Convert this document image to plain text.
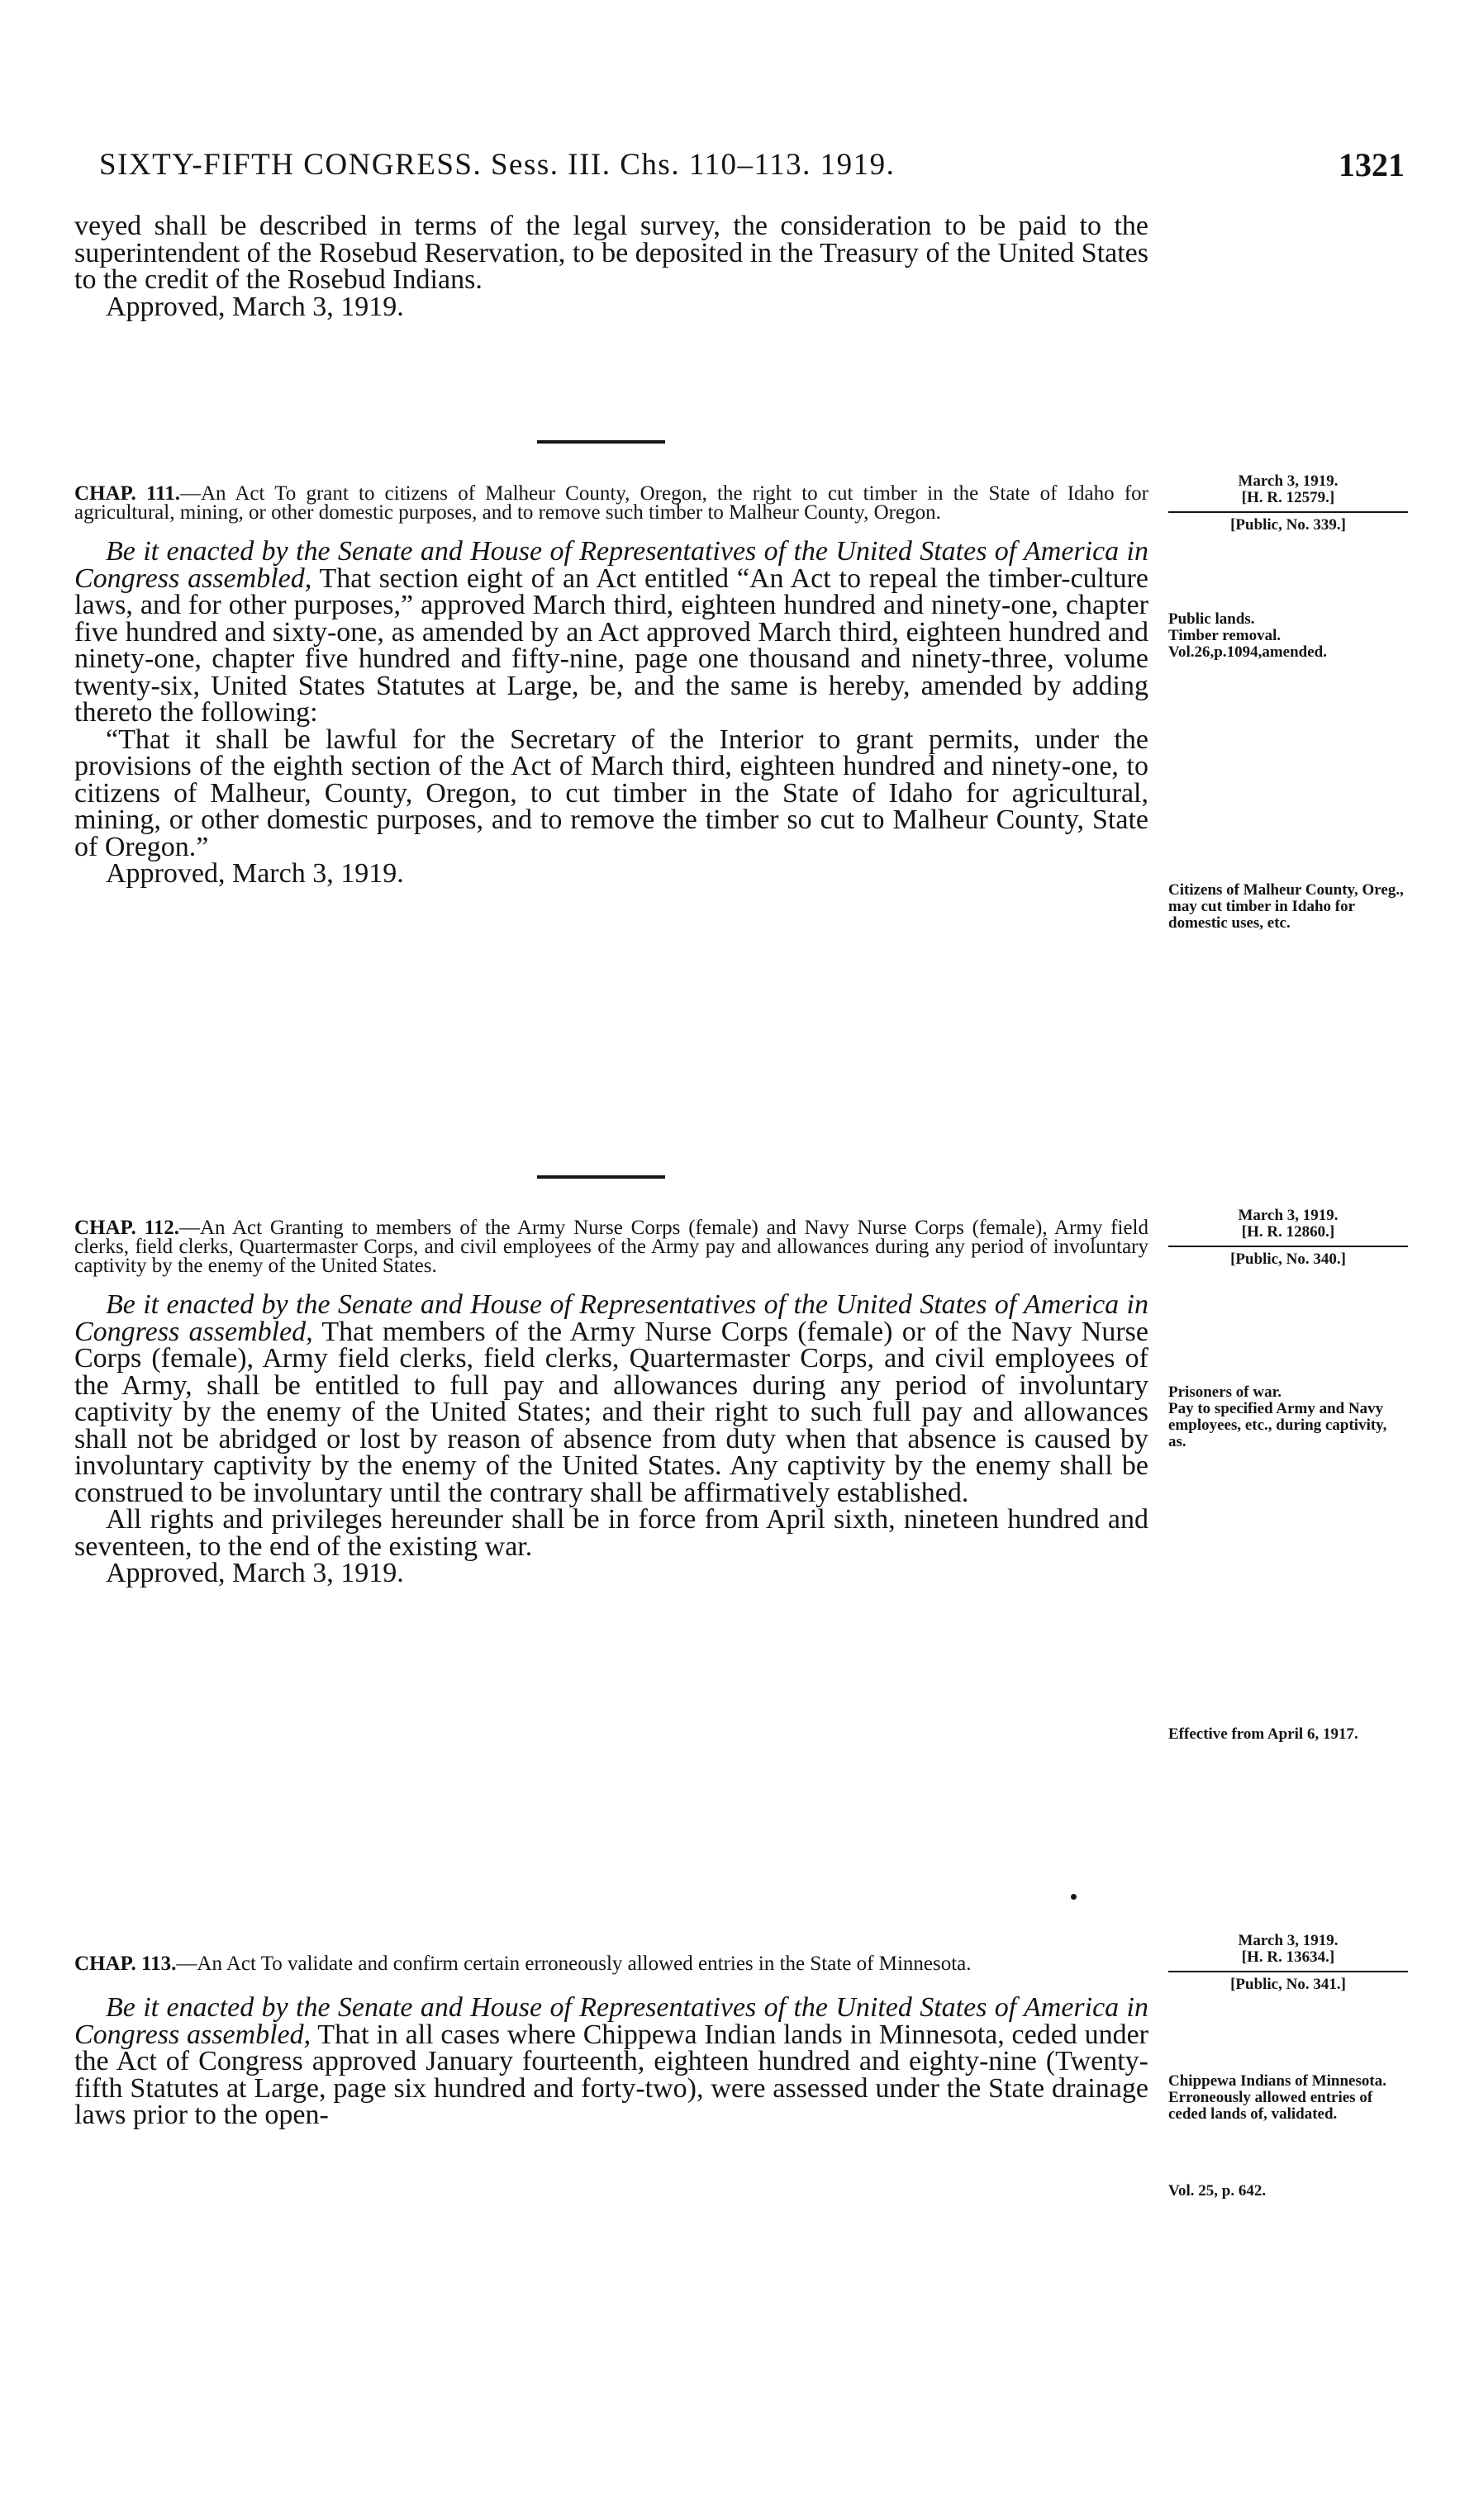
SIXTY-FIFTH CONGRESS. Sess. III. Chs. 110–113. 1919.	1321

veyed shall be described in terms of the legal survey, the consideration to be paid to the superintendent of the Rosebud Reservation, to be deposited in the Treasury of the United States to the credit of the Rosebud Indians.

Approved, March 3, 1919.

March 3, 1919.
[H. R. 12579.]
[Public, No. 339.]

CHAP. 111.—An Act To grant to citizens of Malheur County, Oregon, the right to cut timber in the State of Idaho for agricultural, mining, or other domestic purposes, and to remove such timber to Malheur County, Oregon.

Be it enacted by the Senate and House of Representatives of the United States of America in Congress assembled, That section eight of an Act entitled “An Act to repeal the timber-culture laws, and for other purposes,” approved March third, eighteen hundred and ninety-one, chapter five hundred and sixty-one, as amended by an Act approved March third, eighteen hundred and ninety-one, chapter five hundred and fifty-nine, page one thousand and ninety-three, volume twenty-six, United States Statutes at Large, be, and the same is hereby, amended by adding thereto the following:

“That it shall be lawful for the Secretary of the Interior to grant permits, under the provisions of the eighth section of the Act of March third, eighteen hundred and ninety-one, to citizens of Malheur, County, Oregon, to cut timber in the State of Idaho for agricultural, mining, or other domestic purposes, and to remove the timber so cut to Malheur County, State of Oregon.”

Approved, March 3, 1919.

Public lands.
Timber removal.
Vol.26,p.1094,amended.
Citizens of Malheur County, Oreg., may cut timber in Idaho for domestic uses, etc.
March 3, 1919.
[H. R. 12860.]
[Public, No. 340.]

CHAP. 112.—An Act Granting to members of the Army Nurse Corps (female) and Navy Nurse Corps (female), Army field clerks, field clerks, Quartermaster Corps, and civil employees of the Army pay and allowances during any period of involuntary captivity by the enemy of the United States.

Be it enacted by the Senate and House of Representatives of the United States of America in Congress assembled, That members of the Army Nurse Corps (female) or of the Navy Nurse Corps (female), Army field clerks, field clerks, Quartermaster Corps, and civil employees of the Army, shall be entitled to full pay and allowances during any period of involuntary captivity by the enemy of the United States; and their right to such full pay and allowances shall not be abridged or lost by reason of absence from duty when that absence is caused by involuntary captivity by the enemy of the United States. Any captivity by the enemy shall be construed to be involuntary until the contrary shall be affirmatively established.

All rights and privileges hereunder shall be in force from April sixth, nineteen hundred and seventeen, to the end of the existing war.

Approved, March 3, 1919.

Prisoners of war.
Pay to specified Army and Navy employees, etc., during captivity, as.
Effective from April 6, 1917.
March 3, 1919.
[H. R. 13634.]
[Public, No. 341.]

CHAP. 113.—An Act To validate and confirm certain erroneously allowed entries in the State of Minnesota.

Be it enacted by the Senate and House of Representatives of the United States of America in Congress assembled, That in all cases where Chippewa Indian lands in Minnesota, ceded under the Act of Congress approved January fourteenth, eighteen hundred and eighty-nine (Twenty-fifth Statutes at Large, page six hundred and forty-two), were assessed under the State drainage laws prior to the open-

Chippewa Indians of Minnesota.
Erroneously allowed entries of ceded lands of, validated.
Vol. 25, p. 642.
